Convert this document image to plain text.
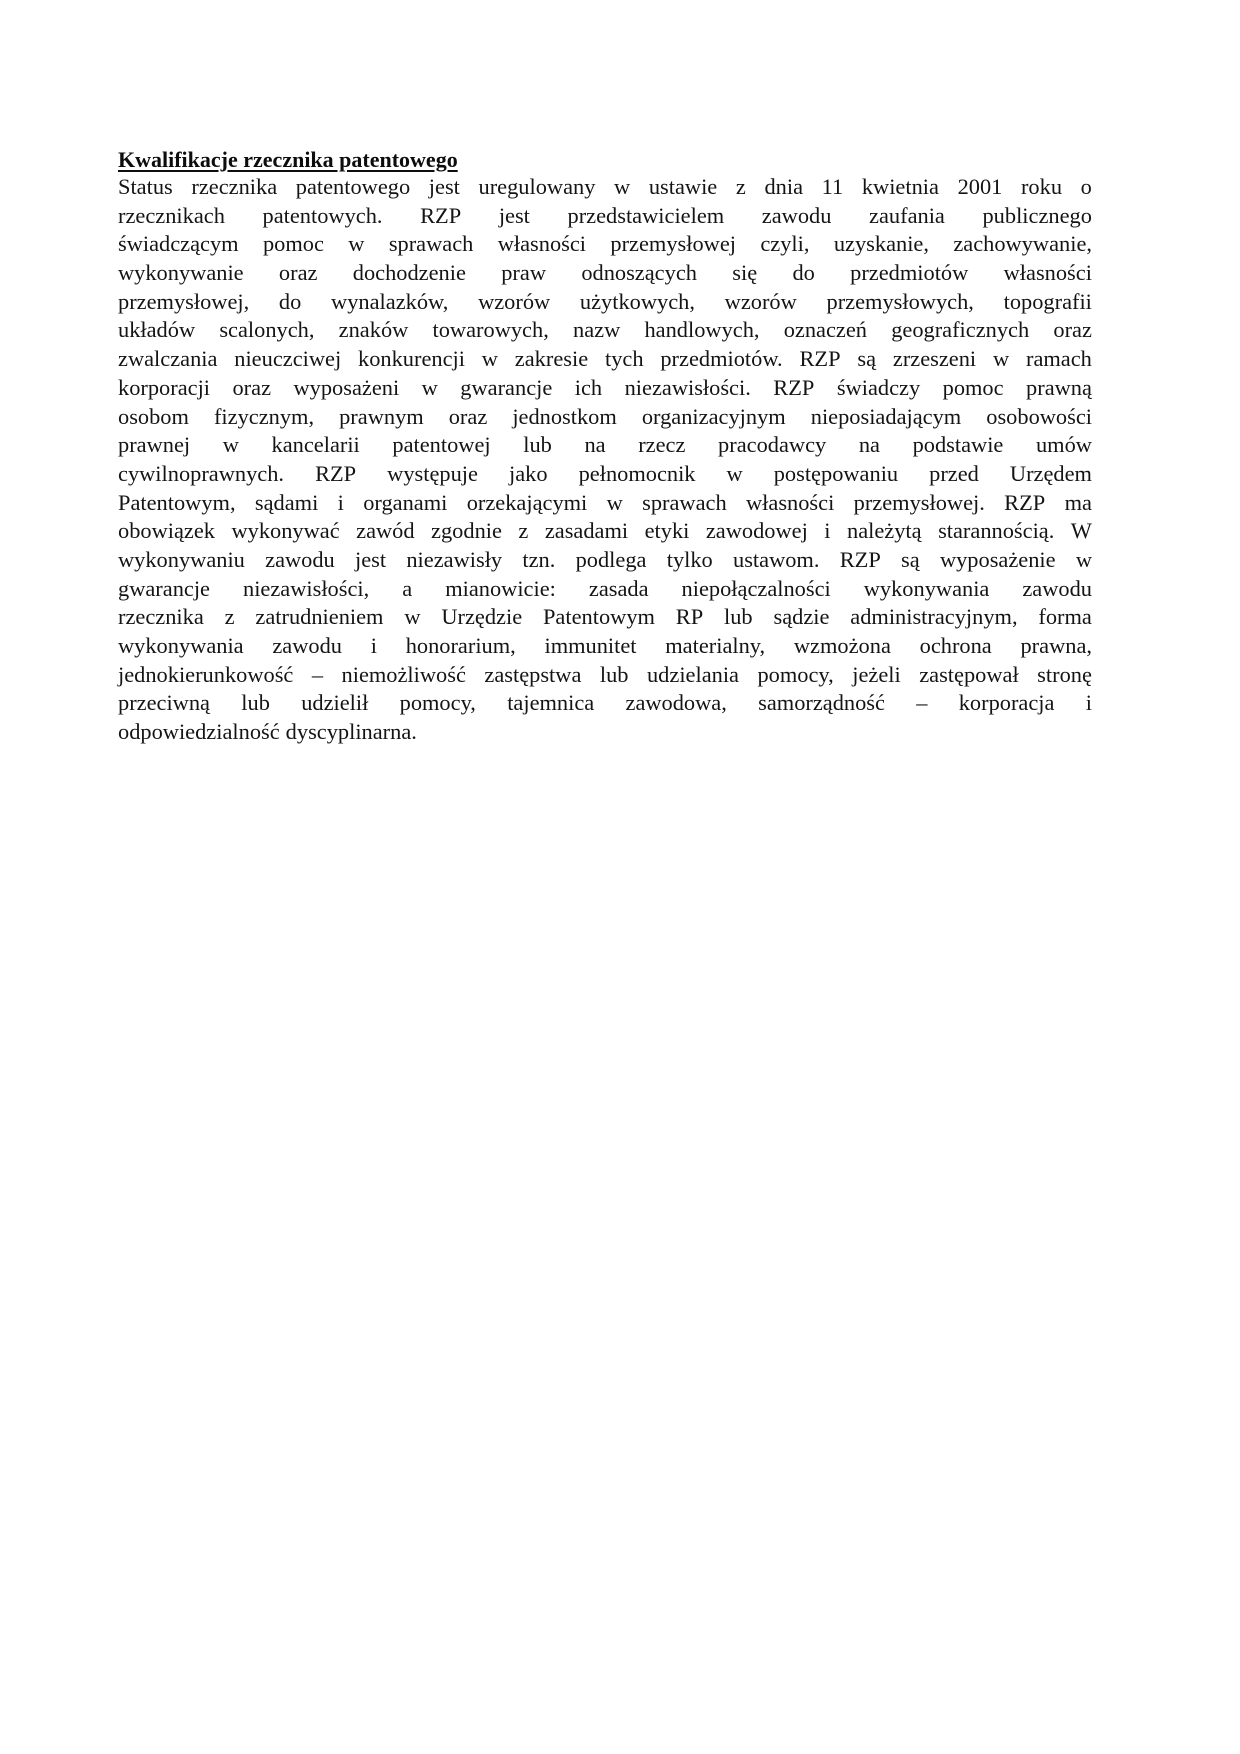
Kwalifikacje rzecznika patentowego
Status rzecznika patentowego jest uregulowany w ustawie z dnia 11 kwietnia 2001 roku o
rzecznikach patentowych. RZP jest przedstawicielem zawodu zaufania publicznego
świadczącym pomoc w sprawach własności przemysłowej czyli, uzyskanie, zachowywanie,
wykonywanie oraz dochodzenie praw odnoszących się do przedmiotów własności
przemysłowej, do wynalazków, wzorów użytkowych, wzorów przemysłowych, topografii
układów scalonych, znaków towarowych, nazw handlowych, oznaczeń geograficznych oraz
zwalczania nieuczciwej konkurencji w zakresie tych przedmiotów. RZP są zrzeszeni w ramach
korporacji oraz wyposażeni w gwarancje ich niezawisłości. RZP świadczy pomoc prawną
osobom fizycznym, prawnym oraz jednostkom organizacyjnym nieposiadającym osobowości
prawnej w kancelarii patentowej lub na rzecz pracodawcy na podstawie umów
cywilnoprawnych. RZP występuje jako pełnomocnik w postępowaniu przed Urzędem
Patentowym, sądami i organami orzekającymi w sprawach własności przemysłowej. RZP ma
obowiązek wykonywać zawód zgodnie z zasadami etyki zawodowej i należytą starannością. W
wykonywaniu zawodu jest niezawisły tzn. podlega tylko ustawom. RZP są wyposażenie w
gwarancje niezawisłości, a mianowicie: zasada niepołączalności wykonywania zawodu
rzecznika z zatrudnieniem w Urzędzie Patentowym RP lub sądzie administracyjnym, forma
wykonywania zawodu i honorarium, immunitet materialny, wzmożona ochrona prawna,
jednokierunkowość – niemożliwość zastępstwa lub udzielania pomocy, jeżeli zastępował stronę
przeciwną lub udzielił pomocy, tajemnica zawodowa, samorządność – korporacja i
odpowiedzialność dyscyplinarna.
